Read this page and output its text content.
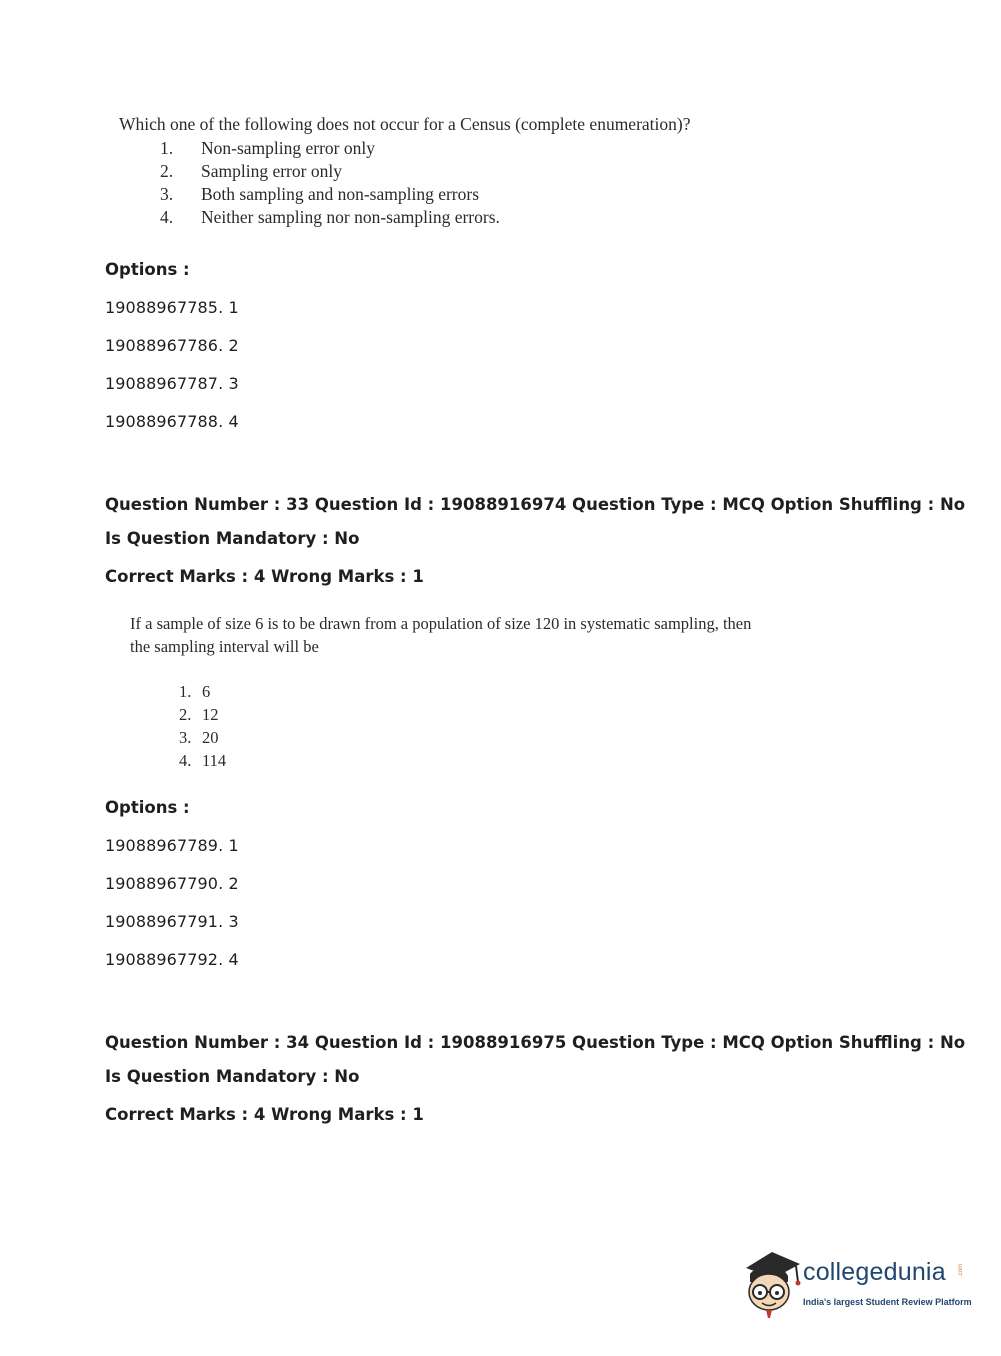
Which one of the following does not occur for a Census (complete enumeration)?
1.	Non-sampling error only
2.	Sampling error only
3.	Both sampling and non-sampling errors
4.	Neither sampling nor non-sampling errors.
Options :
19088967785. 1
19088967786. 2
19088967787. 3
19088967788. 4
Question Number : 33 Question Id : 19088916974 Question Type : MCQ Option Shuffling : No
Is Question Mandatory : No
Correct Marks : 4 Wrong Marks : 1
If a sample of size 6 is to be drawn from a population of size 120 in systematic sampling, then
the sampling interval will be
1. 6
2. 12
3. 20
4. 114
Options :
19088967789. 1
19088967790. 2
19088967791. 3
19088967792. 4
Question Number : 34 Question Id : 19088916975 Question Type : MCQ Option Shuffling : No
Is Question Mandatory : No
Correct Marks : 4 Wrong Marks : 1
collegedunia .com
India's largest Student Review Platform
